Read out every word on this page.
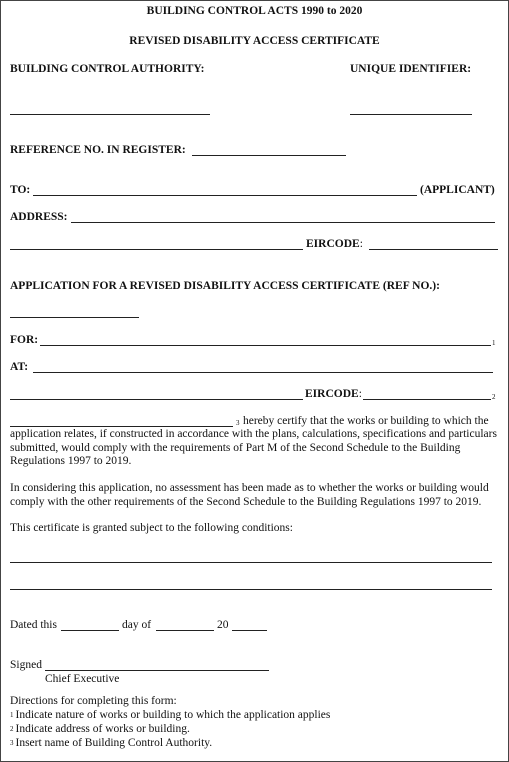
BUILDING CONTROL ACTS 1990 to 2020
REVISED DISABILITY ACCESS CERTIFICATE
BUILDING CONTROL AUTHORITY:	UNIQUE IDENTIFIER:
REFERENCE NO. IN REGISTER:
TO:	(APPLICANT)
ADDRESS:
EIRCODE:
APPLICATION FOR A REVISED DISABILITY ACCESS CERTIFICATE (REF NO.):
FOR:	1
AT:
EIRCODE:	2
3 hereby certify that the works or building to which the
application relates, if constructed in accordance with the plans, calculations, specifications and particulars submitted, would comply with the requirements of Part M of the Second Schedule to the Building Regulations 1997 to 2019.
In considering this application, no assessment has been made as to whether the works or building would comply with the other requirements of the Second Schedule to the Building Regulations 1997 to 2019.
This certificate is granted subject to the following conditions:
Dated this	day of	20
Signed
Chief Executive
Directions for completing this form:
1 Indicate nature of works or building to which the application applies
2 Indicate address of works or building.
3 Insert name of Building Control Authority.
